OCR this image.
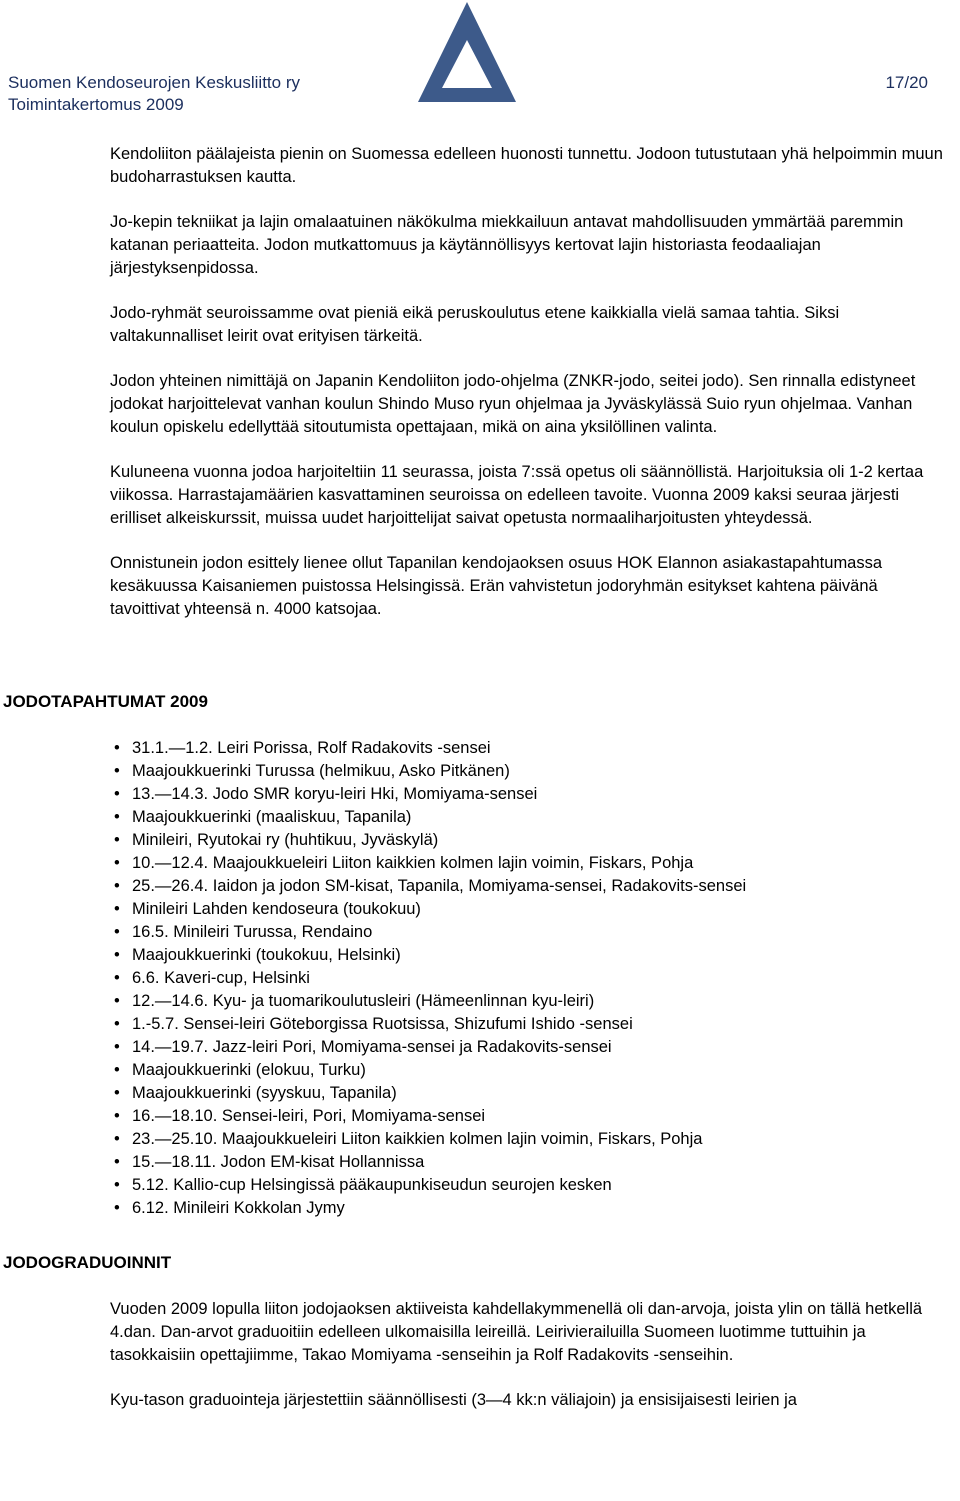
Suomen Kendoseurojen Keskusliitto ry
Toimintakertomus 2009
17/20

Kendoliiton päälajeista pienin on Suomessa edelleen huonosti tunnettu. Jodoon tutustutaan yhä helpoimmin muun budoharrastuksen kautta.

Jo-kepin tekniikat ja lajin omalaatuinen näkökulma miekkailuun antavat mahdollisuuden ymmärtää paremmin katanan periaatteita. Jodon mutkattomuus ja käytännöllisyys kertovat lajin historiasta feodaaliajan järjestyksenpidossa.

Jodo-ryhmät seuroissamme ovat pieniä eikä peruskoulutus etene kaikkialla vielä samaa tahtia. Siksi valtakunnalliset leirit ovat erityisen tärkeitä.

Jodon yhteinen nimittäjä on Japanin Kendoliiton jodo-ohjelma (ZNKR-jodo, seitei jodo). Sen rinnalla edistyneet jodokat harjoittelevat vanhan koulun Shindo Muso ryun ohjelmaa ja Jyväskylässä Suio ryun ohjelmaa. Vanhan koulun opiskelu edellyttää sitoutumista opettajaan, mikä on aina yksilöllinen valinta.

Kuluneena vuonna jodoa harjoiteltiin 11 seurassa, joista 7:ssä opetus oli säännöllistä. Harjoituksia oli 1-2 kertaa viikossa. Harrastajamäärien kasvattaminen seuroissa on edelleen tavoite. Vuonna 2009 kaksi seuraa järjesti erilliset alkeiskurssit, muissa uudet harjoittelijat saivat opetusta normaaliharjoitusten yhteydessä.

Onnistunein jodon esittely lienee ollut Tapanilan kendojaoksen osuus HOK Elannon asiakastapahtumassa kesäkuussa Kaisaniemen puistossa Helsingissä. Erän vahvistetun jodoryhmän esitykset kahtena päivänä tavoittivat yhteensä n. 4000 katsojaa.

JODOTAPAHTUMAT 2009
• 31.1.—1.2. Leiri Porissa, Rolf Radakovits -sensei
• Maajoukkuerinki Turussa (helmikuu, Asko Pitkänen)
• 13.—14.3. Jodo SMR koryu-leiri Hki, Momiyama-sensei
• Maajoukkuerinki (maaliskuu, Tapanila)
• Minileiri, Ryutokai ry (huhtikuu, Jyväskylä)
• 10.—12.4. Maajoukkueleiri Liiton kaikkien kolmen lajin voimin, Fiskars, Pohja
• 25.—26.4. Iaidon ja jodon SM-kisat, Tapanila, Momiyama-sensei, Radakovits-sensei
• Minileiri Lahden kendoseura (toukokuu)
• 16.5. Minileiri Turussa, Rendaino
• Maajoukkuerinki (toukokuu, Helsinki)
• 6.6. Kaveri-cup, Helsinki
• 12.—14.6. Kyu- ja tuomarikoulutusleiri (Hämeenlinnan kyu-leiri)
• 1.-5.7. Sensei-leiri Göteborgissa Ruotsissa, Shizufumi Ishido -sensei
• 14.—19.7. Jazz-leiri Pori, Momiyama-sensei ja Radakovits-sensei
• Maajoukkuerinki (elokuu, Turku)
• Maajoukkuerinki (syyskuu, Tapanila)
• 16.—18.10. Sensei-leiri, Pori, Momiyama-sensei
• 23.—25.10. Maajoukkueleiri Liiton kaikkien kolmen lajin voimin, Fiskars, Pohja
• 15.—18.11. Jodon EM-kisat Hollannissa
• 5.12. Kallio-cup Helsingissä pääkaupunkiseudun seurojen kesken
• 6.12. Minileiri Kokkolan Jymy
JODOGRADUOINNIT

Vuoden 2009 lopulla liiton jodojaoksen aktiiveista kahdellakymmenellä oli dan-arvoja, joista ylin on tällä hetkellä 4.dan. Dan-arvot graduoitiin edelleen ulkomaisilla leireillä. Leirivierailuilla Suomeen luotimme tuttuihin ja tasokkaisiin opettajiimme, Takao Momiyama -senseihin ja Rolf Radakovits -senseihin.

Kyu-tason graduointeja järjestettiin säännöllisesti (3—4 kk:n väliajoin) ja ensisijaisesti leirien ja
